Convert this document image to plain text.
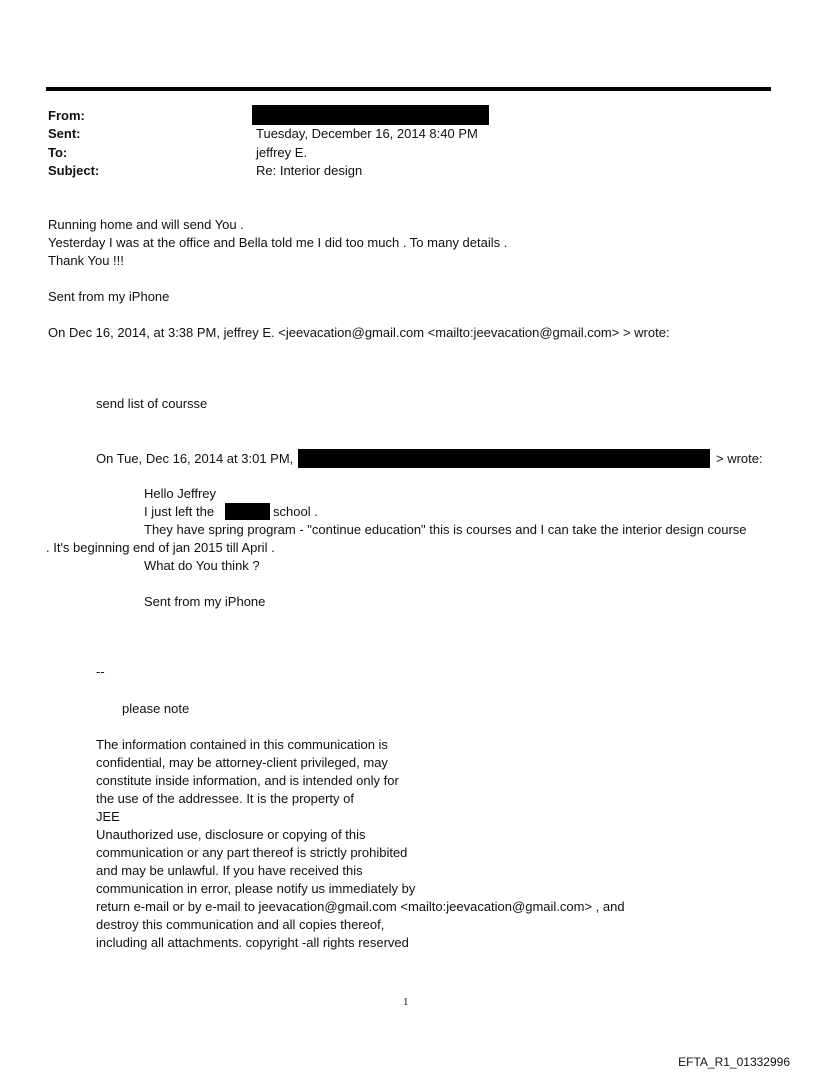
From:
Sent:	Tuesday, December 16, 2014 8:40 PM
To:	jeffrey E.
Subject:	Re: Interior design
Running home and will send You .
Yesterday I was at the office and Bella told me I did too much . To many details .
Thank You !!!
Sent from my iPhone
On Dec 16, 2014, at 3:38 PM, jeffrey E. <jeevacation@gmail.com <mailto:jeevacation@gmail.com> > wrote:
send list of coursse
On Tue, Dec 16, 2014 at 3:01 PM,	> wrote:
Hello Jeffrey
I just left the	school .
They have spring program - "continue education" this is courses and I can take the interior design course
. It's beginning end of jan 2015 till April .
What do You think ?
Sent from my iPhone
--
please note
The information contained in this communication is
confidential, may be attorney-client privileged, may
constitute inside information, and is intended only for
the use of the addressee. It is the property of
JEE
Unauthorized use, disclosure or copying of this
communication or any part thereof is strictly prohibited
and may be unlawful. If you have received this
communication in error, please notify us immediately by
return e-mail or by e-mail to jeevacation@gmail.com <mailto:jeevacation@gmail.com> , and
destroy this communication and all copies thereof,
including all attachments. copyright -all rights reserved
1
EFTA_R1_01332996
